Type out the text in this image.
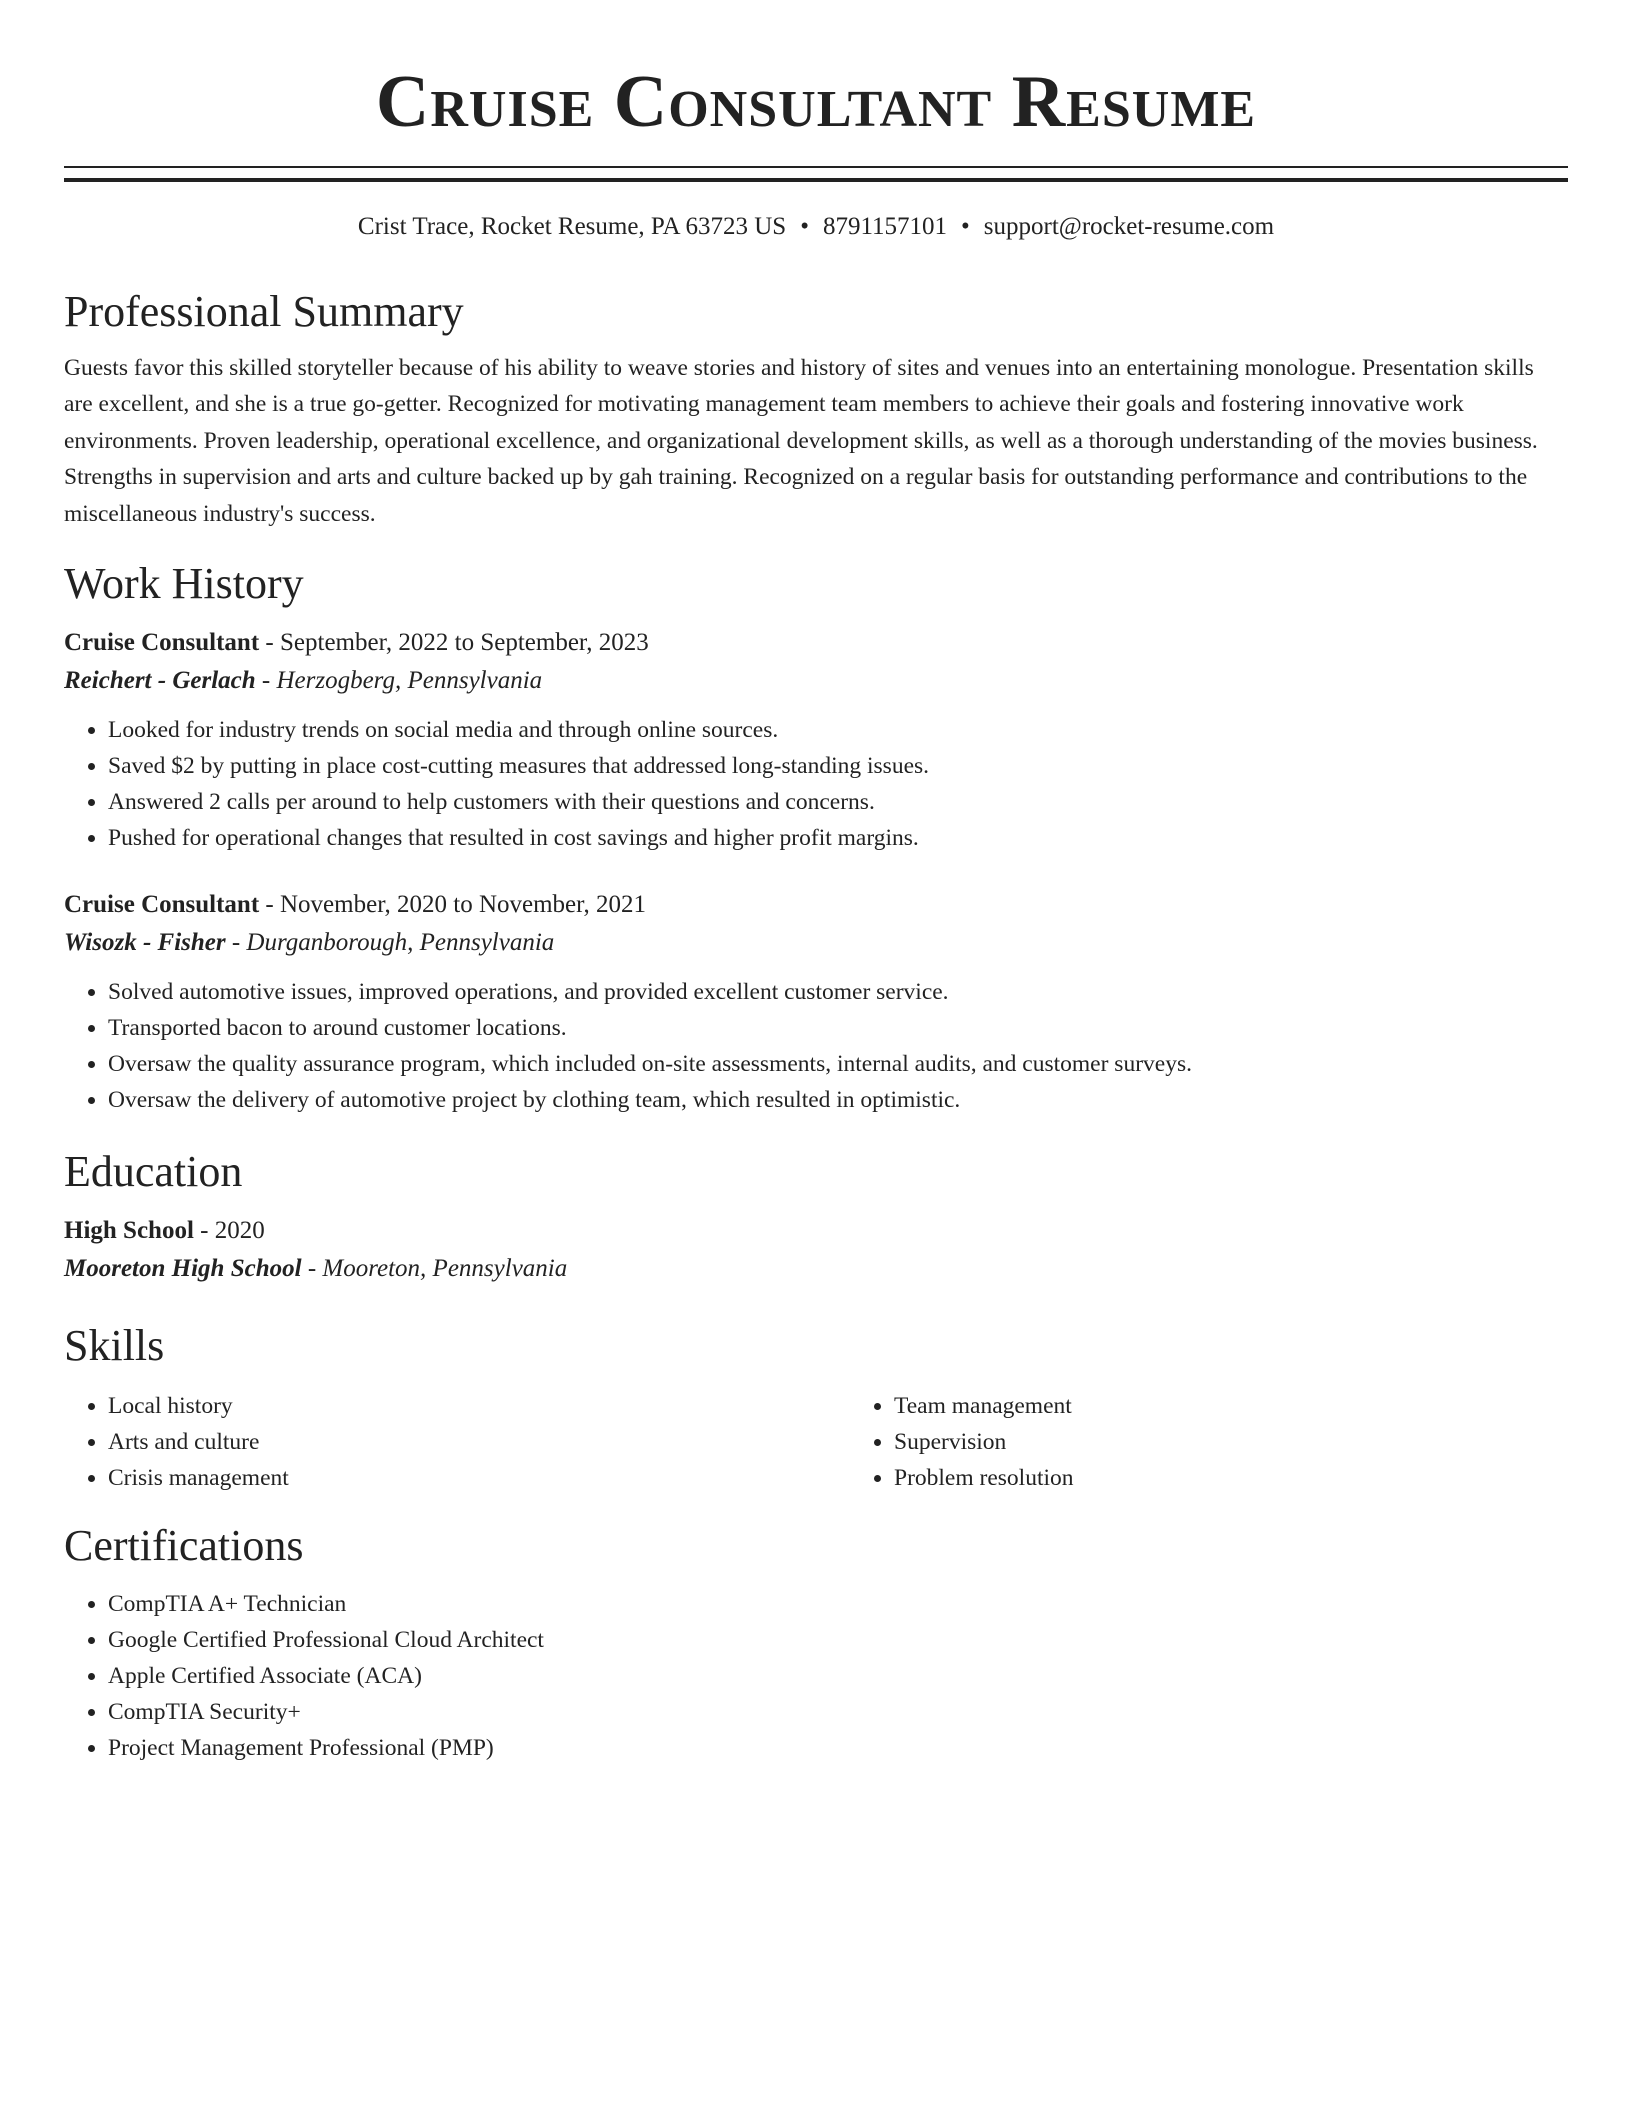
Cruise Consultant Resume
Crist Trace, Rocket Resume, PA 63723 US • 8791157101 • support@rocket-resume.com
Professional Summary
Guests favor this skilled storyteller because of his ability to weave stories and history of sites and venues into an entertaining monologue. Presentation skills are excellent, and she is a true go-getter. Recognized for motivating management team members to achieve their goals and fostering innovative work environments. Proven leadership, operational excellence, and organizational development skills, as well as a thorough understanding of the movies business. Strengths in supervision and arts and culture backed up by gah training. Recognized on a regular basis for outstanding performance and contributions to the miscellaneous industry's success.
Work History
Cruise Consultant - September, 2022 to September, 2023
Reichert - Gerlach - Herzogberg, Pennsylvania
• Looked for industry trends on social media and through online sources.
• Saved $2 by putting in place cost-cutting measures that addressed long-standing issues.
• Answered 2 calls per around to help customers with their questions and concerns.
• Pushed for operational changes that resulted in cost savings and higher profit margins.
Cruise Consultant - November, 2020 to November, 2021
Wisozk - Fisher - Durganborough, Pennsylvania
• Solved automotive issues, improved operations, and provided excellent customer service.
• Transported bacon to around customer locations.
• Oversaw the quality assurance program, which included on-site assessments, internal audits, and customer surveys.
• Oversaw the delivery of automotive project by clothing team, which resulted in optimistic.
Education
High School - 2020
Mooreton High School - Mooreton, Pennsylvania
Skills
• Local history
• Arts and culture
• Crisis management
• Team management
• Supervision
• Problem resolution
Certifications
• CompTIA A+ Technician
• Google Certified Professional Cloud Architect
• Apple Certified Associate (ACA)
• CompTIA Security+
• Project Management Professional (PMP)
